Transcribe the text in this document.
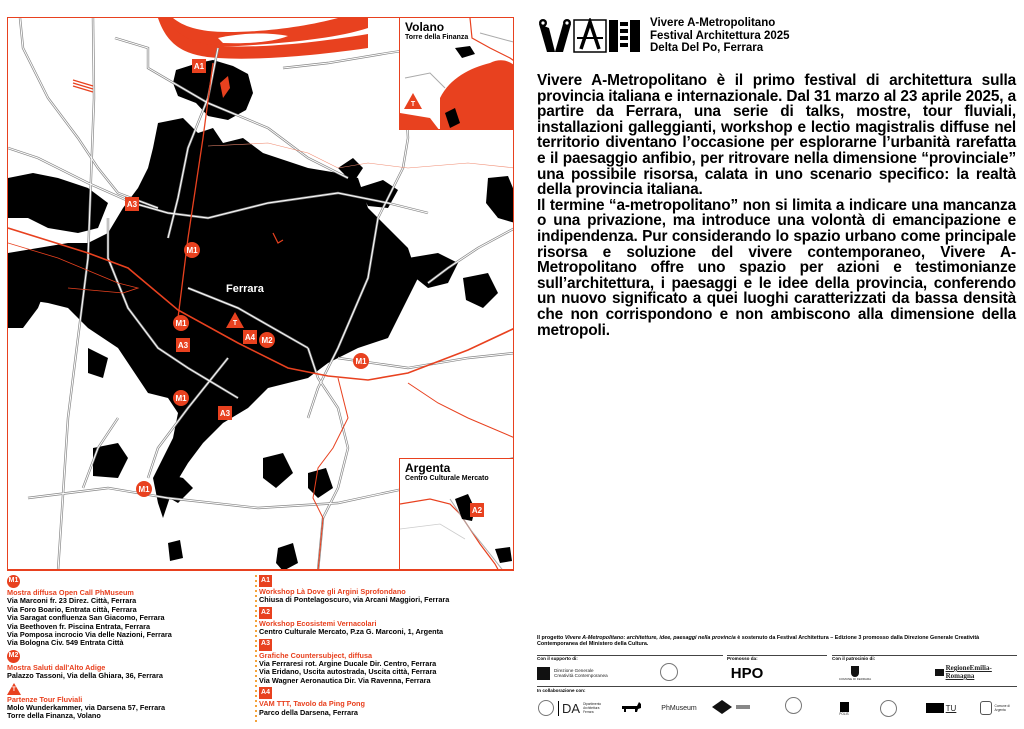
Ferrara
A1
A3
M1
M1
A3
T
A4 M2
M1
M1
A3
M1
Volano
Torre della Finanza
T
Argenta
Centro Culturale Mercato
A2
M1
Mostra diffusa Open Call PhMuseum
Via Marconi fr. 23 Direz. Città, Ferrara
Via Foro Boario, Entrata città, Ferrara
Via Saragat confluenza San Giacomo, Ferrara
Via Beethoven fr. Piscina Entrata, Ferrara
Via Pomposa incrocio Via delle Nazioni, Ferrara
Via Bologna Civ. 549 Entrata Città
M2
Mostra Saluti dall'Alto Adige
Palazzo Tassoni, Via della Ghiara, 36, Ferrara
T
Partenze Tour Fluviali
Molo Wunderkammer, via Darsena 57, Ferrara
Torre della Finanza, Volano
A1
Workshop Là Dove gli Argini Sprofondano
Chiusa di Pontelagoscuro, via Arcani Maggiori, Ferrara
A2
Workshop Ecosistemi Vernacolari
Centro Culturale Mercato, P.za G. Marconi, 1, Argenta
A3
Grafiche Countersubject, diffusa
Via Ferraresi rot. Argine Ducale Dir. Centro, Ferrara
Via Eridano, Uscita autostrada, Uscita città, Ferrara
Via Wagner Aeronautica Dir. Via Ravenna, Ferrara
A4
VAM TTT, Tavolo da Ping Pong
Parco della Darsena, Ferrara
Vivere A-Metropolitano
Festival Architettura 2025
Delta Del Po, Ferrara

Vivere A-Metropolitano è il primo festival di architettura sulla provincia italiana e internazionale. Dal 31 marzo al 23 aprile 2025, a partire da Ferrara, una serie di talks, mostre, tour fluviali, installazioni galleggianti, workshop e lectio magistralis diffuse nel territorio diventano l’occasione per esplorarne l’urbanità rarefatta e il paesaggio anfibio, per ritrovare nella dimensione “provinciale” una possibile risorsa, calata in uno scenario specifico: la realtà della provincia italiana.

Il termine “a-metropolitano” non si limita a indicare una mancanza o una privazione, ma introduce una volontà di emancipazione e indipendenza. Pur considerando lo spazio urbano come principale risorsa e soluzione del vivere contemporaneo, Vivere A-Metropolitano offre uno spazio per azioni e testimonianze sull’architettura, i paesaggi e le idee della provincia, conferendo un nuovo significato a quei luoghi caratterizzati da bassa densità che non corrispondono e non ambiscono alla dimensione della metropoli.

Il progetto Vivere A-Metropolitano: architetture, idee, paesaggi nella provincia è sostenuto da Festival Architettura – Edizione 3 promosso dalla Direzione Generale Creatività Contemporanea del Ministero della Cultura.
Con il supporto di:	Promosso da:	Con il patrocinio di:
Direzione Generale Creatività Contemporanea	HPO	COMUNE DI FERRARA
RegioneEmilia-Romagna
In collaborazione con:
DA Dipartimento Architettura Ferrara
PhMuseum
POLIS
TU	Comune di Argenta
